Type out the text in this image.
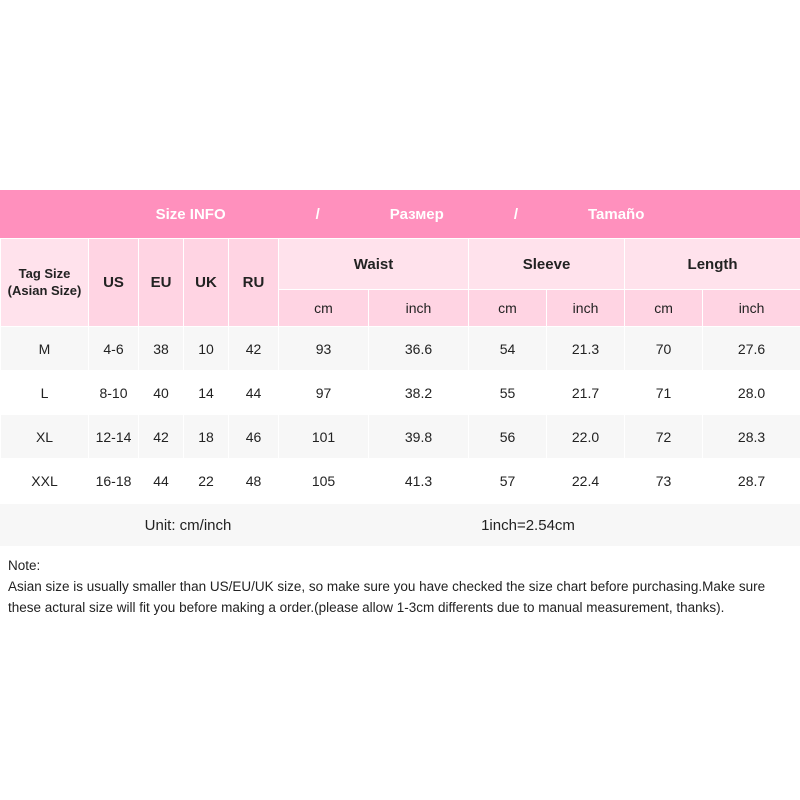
Size INFO	/	Размер	/	Tamaño
Tag Size
(Asian Size)	US	EU	UK	RU	Waist		Sleeve		Length	
					cm	inch	cm	inch	cm	inch
M	4-6	38	10	42	93	36.6	54	21.3	70	27.6
L	8-10	40	14	44	97	38.2	55	21.7	71	28.0
XL	12-14	42	18	46	101	39.8	56	22.0	72	28.3
XXL	16-18	44	22	48	105	41.3	57	22.4	73	28.7
Unit: cm/inch	1inch=2.54cm
Note:
Asian size is usually smaller than US/EU/UK size, so make sure you have checked the size chart before purchasing.Make sure
these actural size will fit you before making a order.(please allow 1-3cm differents due to manual measurement, thanks).
